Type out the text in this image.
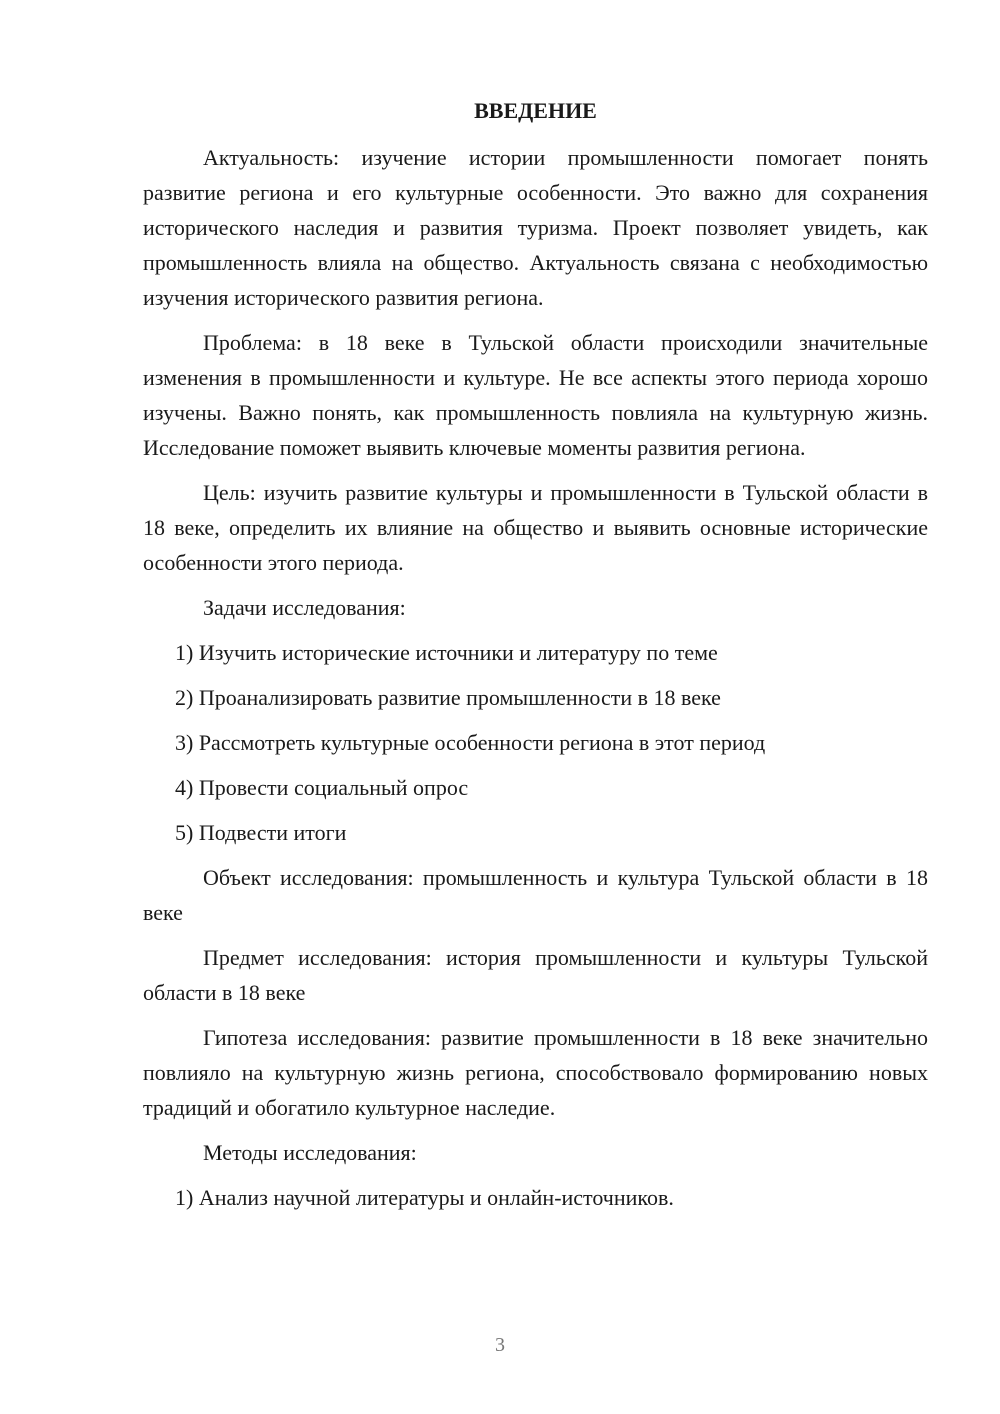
ВВЕДЕНИЕ

Актуальность: изучение истории промышленности помогает понять развитие региона и его культурные особенности. Это важно для сохранения исторического наследия и развития туризма. Проект позволяет увидеть, как промышленность влияла на общество. Актуальность связана с необходимостью изучения исторического развития региона.

Проблема: в 18 веке в Тульской области происходили значительные изменения в промышленности и культуре. Не все аспекты этого периода хорошо изучены. Важно понять, как промышленность повлияла на культурную жизнь. Исследование поможет выявить ключевые моменты развития региона.

Цель: изучить развитие культуры и промышленности в Тульской области в 18 веке, определить их влияние на общество и выявить основные исторические особенности этого периода.

Задачи исследования:

1) Изучить исторические источники и литературу по теме
2) Проанализировать развитие промышленности в 18 веке
3) Рассмотреть культурные особенности региона в этот период
4) Провести социальный опрос
5) Подвести итоги

Объект исследования: промышленность и культура Тульской области в 18 веке

Предмет исследования: история промышленности и культуры Тульской области в 18 веке

Гипотеза исследования: развитие промышленности в 18 веке значительно повлияло на культурную жизнь региона, способствовало формированию новых традиций и обогатило культурное наследие.

Методы исследования:

1) Анализ научной литературы и онлайн-источников.
3
